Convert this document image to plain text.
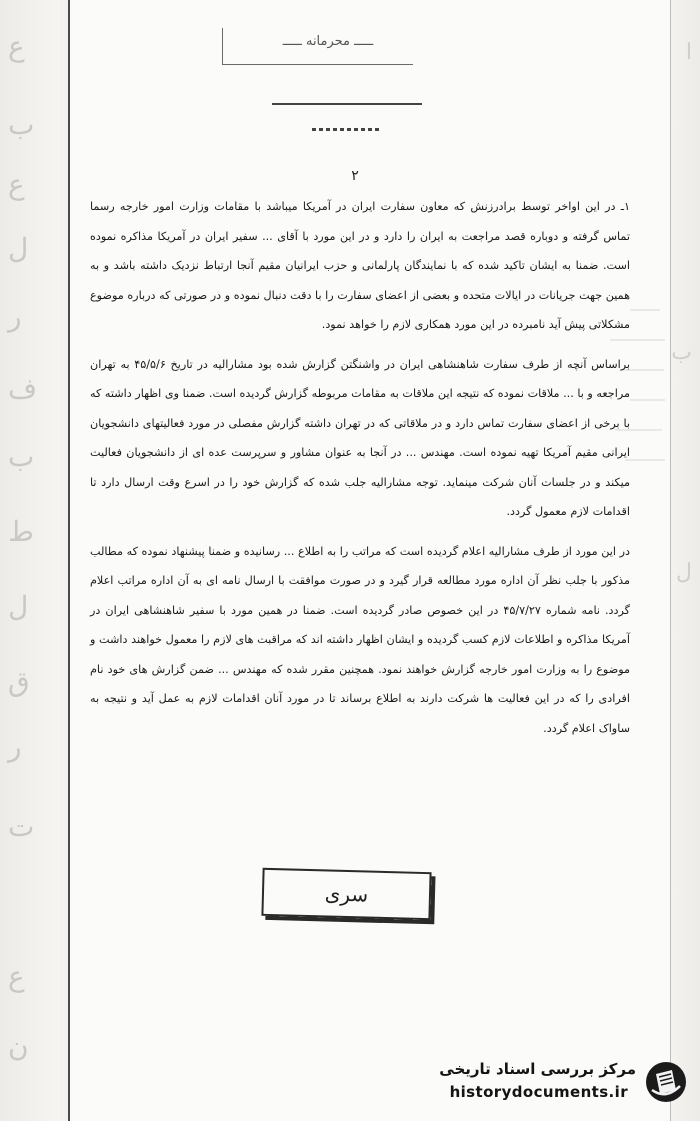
ع
ب
ع
ل
ر
ف
ب
ط
ل
ق
ر
ت
ع
ن
ا
ب
ل
ـــــ محرمانه ـــــ
۲

۱ـ در این اواخر توسط برادرزنش که معاون سفارت ایران در آمریکا میباشد با مقامات وزارت امور خارجه رسما تماس گرفته و دوباره قصد مراجعت به ایران را دارد و در این مورد با آقای ... سفیر ایران در آمریکا مذاکره نموده است. ضمنا به ایشان تاکید شده که با نمایندگان پارلمانی و حزب ایرانیان مقیم آنجا ارتباط نزدیک داشته باشد و به همین جهت جریانات در ایالات متحده و بعضی از اعضای سفارت را با دقت دنبال نموده و در صورتی که درباره موضوع مشکلاتی پیش آید نامبرده در این مورد همکاری لازم را خواهد نمود.

براساس آنچه از طرف سفارت شاهنشاهی ایران در واشنگتن گزارش شده بود مشارالیه در تاریخ ۴۵/۵/۶ به تهران مراجعه و با ... ملاقات نموده که نتیجه این ملاقات به مقامات مربوطه گزارش گردیده است. ضمنا وی اظهار داشته که با برخی از اعضای سفارت تماس دارد و در ملاقاتی که در تهران داشته گزارش مفصلی در مورد فعالیتهای دانشجویان ایرانی مقیم آمریکا تهیه نموده است. مهندس ... در آنجا به عنوان مشاور و سرپرست عده ای از دانشجویان فعالیت میکند و در جلسات آنان شرکت مینماید. توجه مشارالیه جلب شده که گزارش خود را در اسرع وقت ارسال دارد تا اقدامات لازم معمول گردد.

در این مورد از طرف مشارالیه اعلام گردیده است که مراتب را به اطلاع ... رسانیده و ضمنا پیشنهاد نموده که مطالب مذکور با جلب نظر آن اداره مورد مطالعه قرار گیرد و در صورت موافقت با ارسال نامه ای به آن اداره مراتب اعلام گردد. نامه شماره ۴۵/۷/۲۷ در این خصوص صادر گردیده است. ضمنا در همین مورد با سفیر شاهنشاهی ایران در آمریکا مذاکره و اطلاعات لازم کسب گردیده و ایشان اظهار داشته اند که مراقبت های لازم را معمول خواهند داشت و موضوع را به وزارت امور خارجه گزارش خواهند نمود. همچنین مقرر شده که مهندس ... ضمن گزارش های خود نام افرادی را که در این فعالیت ها شرکت دارند به اطلاع برساند تا در مورد آنان اقدامات لازم به عمل آید و نتیجه به ساواک اعلام گردد.

سری
مرکز بررسی اسناد تاریخی
historydocuments.ir
